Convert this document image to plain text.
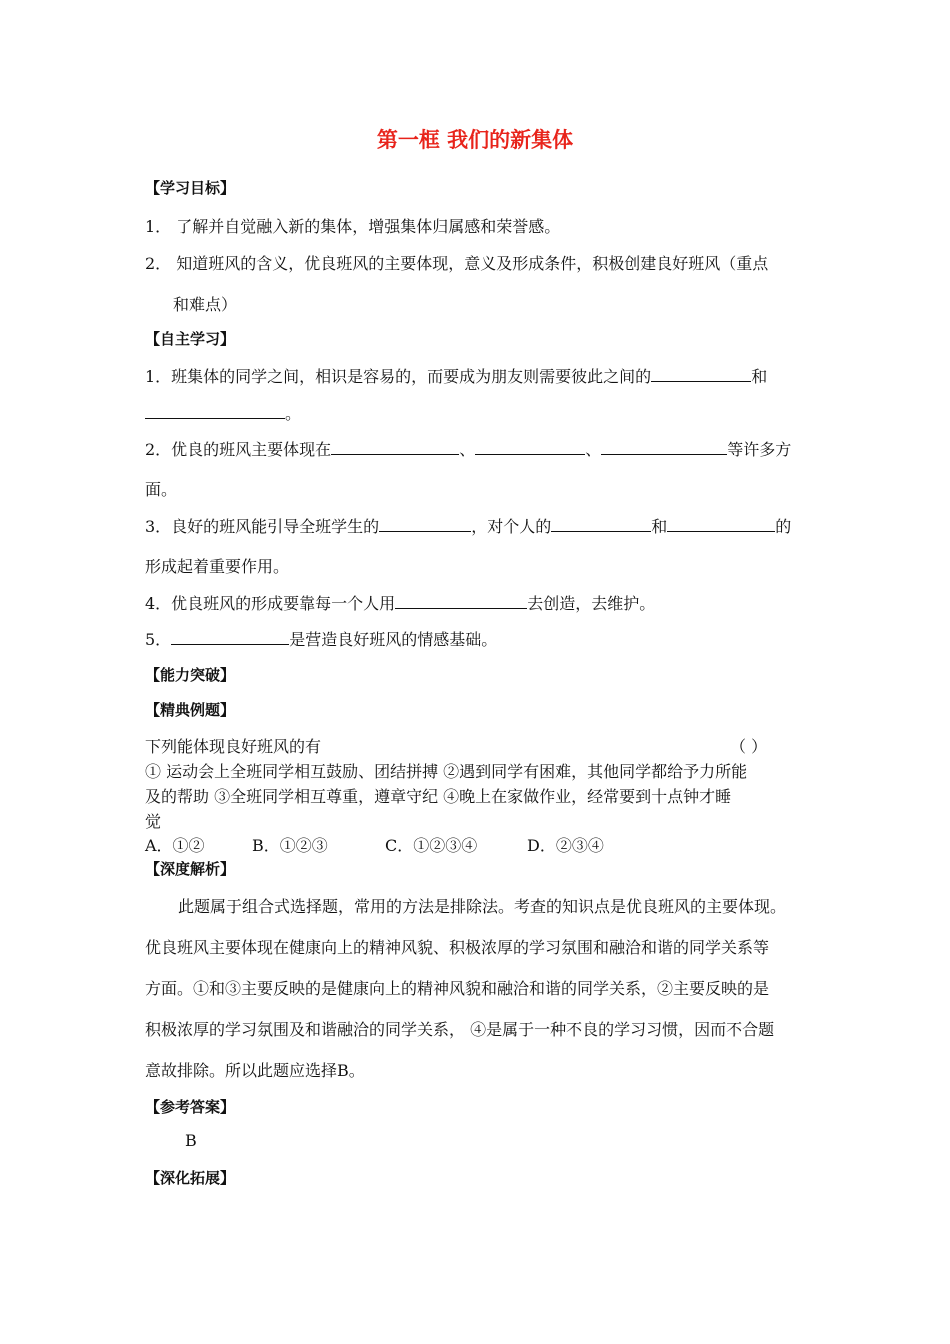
第一框 我们的新集体
【学习目标】
1． 了解并自觉融入新的集体，增强集体归属感和荣誉感。
2． 知道班风的含义，优良班风的主要体现，意义及形成条件，积极创建良好班风（重点
和难点）
【自主学习】
1．班集体的同学之间，相识是容易的，而要成为朋友则需要彼此之间的	和
。
2．优良的班风主要体现在	、	、	等许多方
面。
3．良好的班风能引导全班学生的	，对个人的	和	的
形成起着重要作用。
4．优良班风的形成要靠每一个人用	去创造，去维护。
5．	是营造良好班风的情感基础。
【能力突破】
【精典例题】
下列能体现良好班风的有	（ ）
① 运动会上全班同学相互鼓励、团结拼搏 ②遇到同学有困难，其他同学都给予力所能
及的帮助 ③全班同学相互尊重，遵章守纪 ④晚上在家做作业，经常要到十点钟才睡
觉
A．①②	B．①②③	C．①②③④	D．②③④
【深度解析】
此题属于组合式选择题，常用的方法是排除法。考查的知识点是优良班风的主要体现。
优良班风主要体现在健康向上的精神风貌、积极浓厚的学习氛围和融洽和谐的同学关系等
方面。①和③主要反映的是健康向上的精神风貌和融洽和谐的同学关系，②主要反映的是
积极浓厚的学习氛围及和谐融洽的同学关系， ④是属于一种不良的学习习惯，因而不合题
意故排除。所以此题应选择B。
【参考答案】
B
【深化拓展】
